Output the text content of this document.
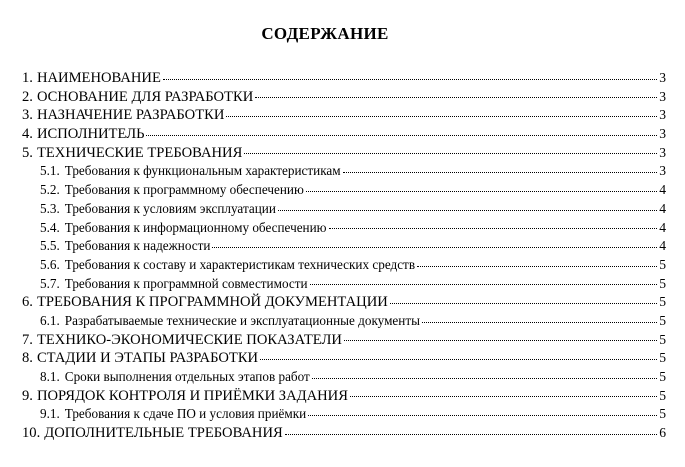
СОДЕРЖАНИЕ
1. НАИМЕНОВАНИЕ	3
2. ОСНОВАНИЕ ДЛЯ РАЗРАБОТКИ	3
3. НАЗНАЧЕНИЕ РАЗРАБОТКИ	3
4. ИСПОЛНИТЕЛЬ	3
5. ТЕХНИЧЕСКИЕ ТРЕБОВАНИЯ	3
5.1. Требования к функциональным характеристикам	3
5.2. Требования к программному обеспечению	4
5.3. Требования к условиям эксплуатации	4
5.4. Требования к информационному обеспечению	4
5.5. Требования к надежности	4
5.6. Требования к составу и характеристикам технических средств	5
5.7. Требования к программной совместимости	5
6. ТРЕБОВАНИЯ К ПРОГРАММНОЙ ДОКУМЕНТАЦИИ	5
6.1. Разрабатываемые технические и эксплуатационные документы	5
7. ТЕХНИКО-ЭКОНОМИЧЕСКИЕ ПОКАЗАТЕЛИ	5
8. СТАДИИ И ЭТАПЫ РАЗРАБОТКИ	5
8.1. Сроки выполнения отдельных этапов работ	5
9. ПОРЯДОК КОНТРОЛЯ И ПРИЁМКИ ЗАДАНИЯ	5
9.1. Требования к сдаче ПО и условия приёмки	5
10. ДОПОЛНИТЕЛЬНЫЕ ТРЕБОВАНИЯ	6
